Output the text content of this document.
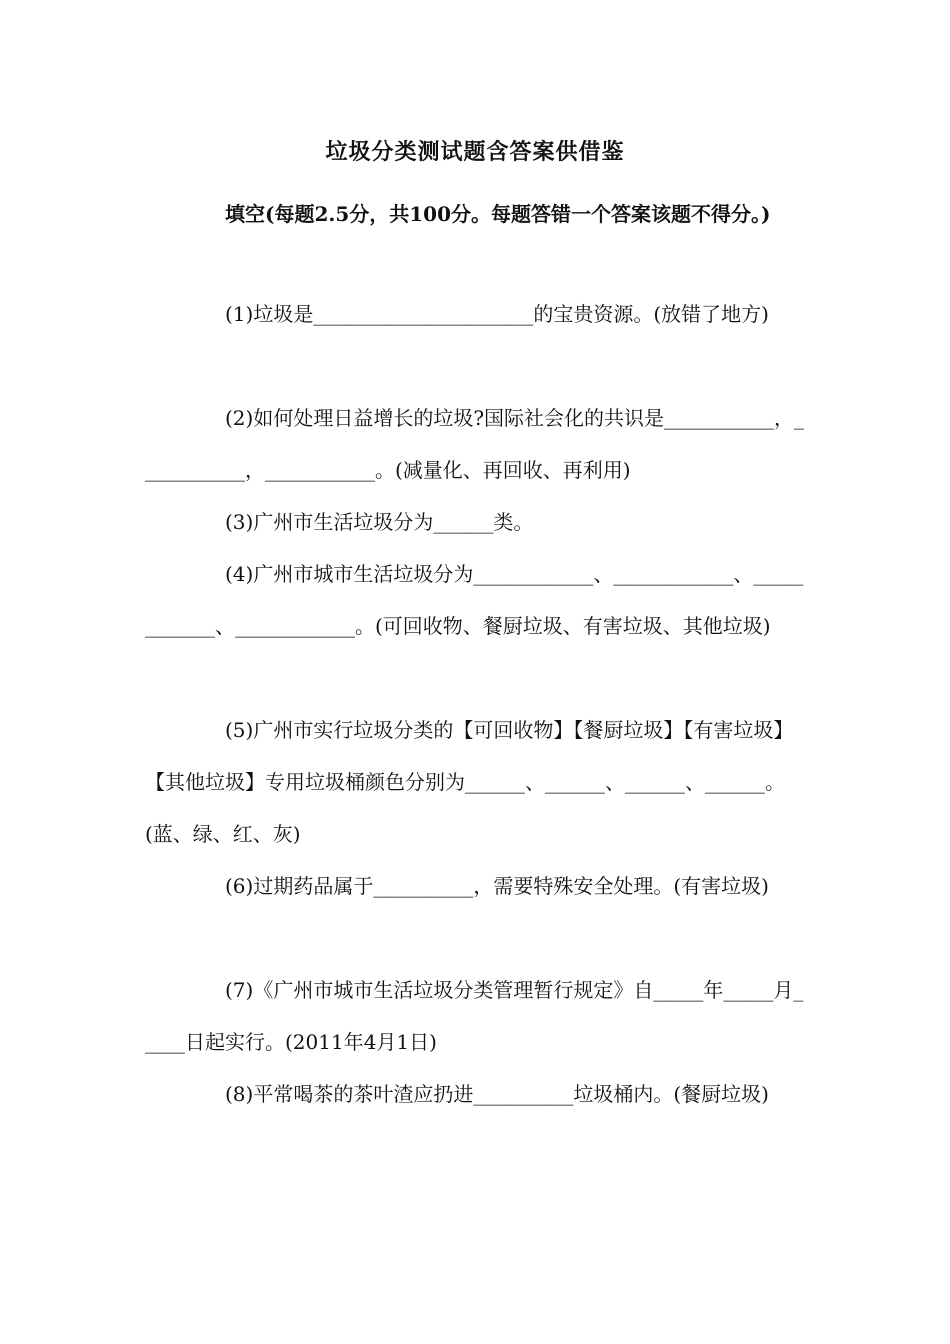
垃圾分类测试题含答案供借鉴

填空(每题2.5分，共100分。每题答错一个答案该题不得分。)

(1)垃圾是______________________的宝贵资源。(放错了地方)

(2)如何处理日益增长的垃圾?国际社会化的共识是___________，___________，___________。(减量化、再回收、再利用)

(3)广州市生活垃圾分为______类。

(4)广州市城市生活垃圾分为____________、____________、____________、____________。(可回收物、餐厨垃圾、有害垃圾、其他垃圾)

(5)广州市实行垃圾分类的【可回收物】【餐厨垃圾】【有害垃圾】【其他垃圾】专用垃圾桶颜色分别为______、______、______、______。(蓝、绿、红、灰)

(6)过期药品属于__________，需要特殊安全处理。(有害垃圾)

(7)《广州市城市生活垃圾分类管理暂行规定》自_____年_____月_____日起实行。(2011年4月1日)

(8)平常喝茶的茶叶渣应扔进__________垃圾桶内。(餐厨垃圾)
